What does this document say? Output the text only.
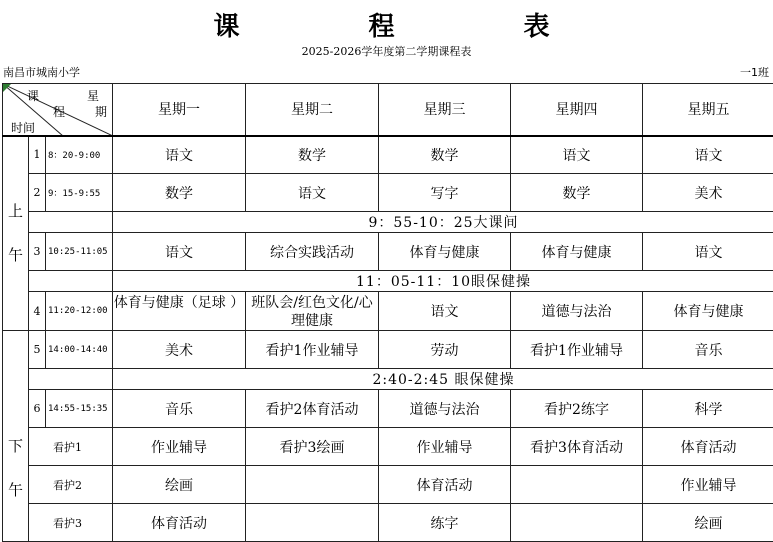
课 程 表
2025-2026学年度第二学期课程表
南昌市城南小学	一1班
课
程
星
期
时间			星期一	星期二	星期三	星期四	星期五
上

午	1	8：20-9:00	语文	数学	数学	语文	语文
	2	9：15-9:55	数学	语文	写字	数学	美术
			9：55-10：25大课间				
	3	10:25-11:05	语文	综合实践活动	体育与健康	体育与健康	语文
			11：05-11：10眼保健操				
	4	11:20-12:00	体育与健康（足球 ）	班队会/红色文化/心理健康	语文	道德与法治	体育与健康

下

午	5	14:00-14:40	美术	看护1作业辅导	劳动	看护1作业辅导	音乐
			2:40-2:45 眼保健操				
	6	14:55-15:35	音乐	看护2体育活动	道德与法治	看护2练字	科学
	看护1		作业辅导	看护3绘画	作业辅导	看护3体育活动	体育活动
	看护2		绘画		体育活动		作业辅导
	看护3		体育活动		练字		绘画
